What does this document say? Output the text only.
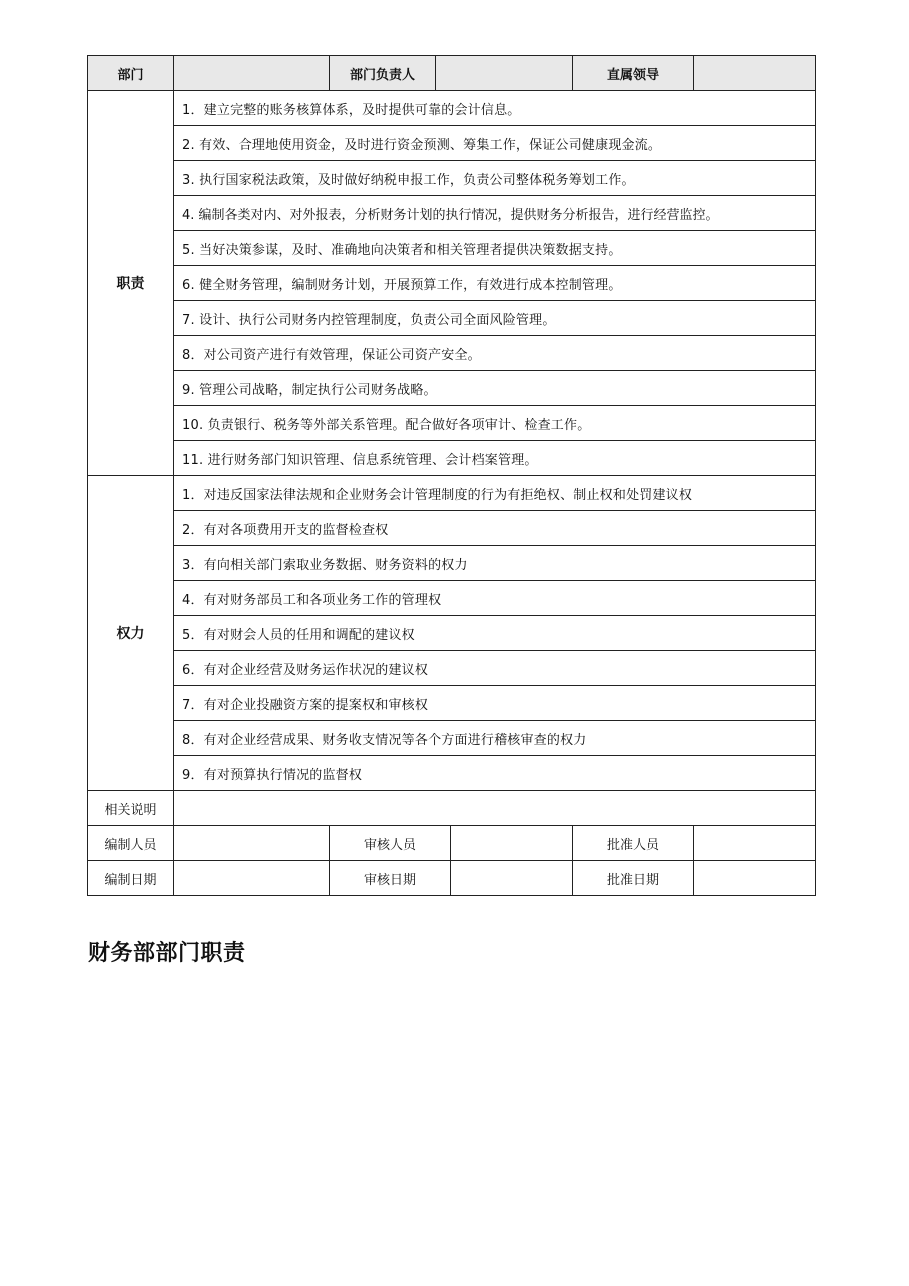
部门		部门负责人			直属领导	
职责	1．建立完整的账务核算体系，及时提供可靠的会计信息。					
	2. 有效、合理地使用资金，及时进行资金预测、筹集工作，保证公司健康现金流。					
	3. 执行国家税法政策，及时做好纳税申报工作，负责公司整体税务筹划工作。					
	4. 编制各类对内、对外报表，分析财务计划的执行情况，提供财务分析报告，进行经营监控。					
	5. 当好决策参谋，及时、准确地向决策者和相关管理者提供决策数据支持。					
	6. 健全财务管理，编制财务计划，开展预算工作，有效进行成本控制管理。					
	7. 设计、执行公司财务内控管理制度，负责公司全面风险管理。					
	8．对公司资产进行有效管理，保证公司资产安全。					
	9. 管理公司战略，制定执行公司财务战略。					
	10. 负责银行、税务等外部关系管理。配合做好各项审计、检查工作。					
	11. 进行财务部门知识管理、信息系统管理、会计档案管理。					
权力	1．对违反国家法律法规和企业财务会计管理制度的行为有拒绝权、制止权和处罚建议权					
	2．有对各项费用开支的监督检查权					
	3．有向相关部门索取业务数据、财务资料的权力					
	4．有对财务部员工和各项业务工作的管理权					
	5．有对财会人员的任用和调配的建议权					
	6．有对企业经营及财务运作状况的建议权					
	7．有对企业投融资方案的提案权和审核权					
	8．有对企业经营成果、财务收支情况等各个方面进行稽核审查的权力					
	9．有对预算执行情况的监督权					
相关说明						
编制人员		审核人员			批准人员	
编制日期		审核日期			批准日期	
财务部部门职责
